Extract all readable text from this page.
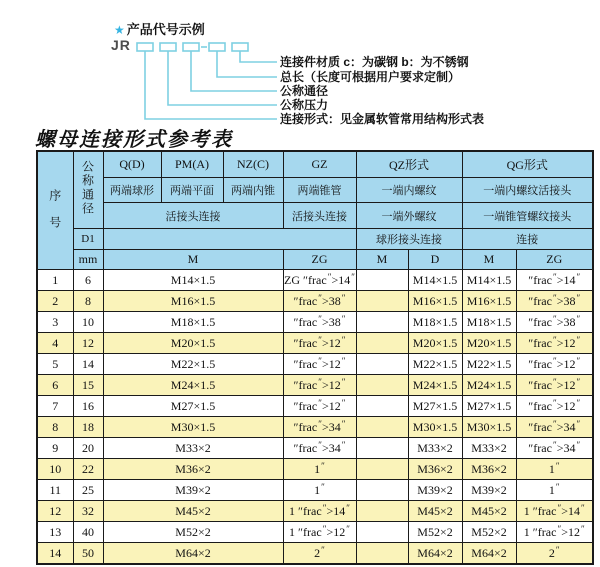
★ 产品代号示例
JR
连接件材质 c：为碳钢 b：为不锈钢
总长（长度可根据用户要求定制）
公称通径
公称压力
连接形式：见金属软管常用结构形式表
螺母连接形式参考表
序号	公称通径	Q(D)	PM(A)	NZ(C)	GZ	QZ形式		QG形式	
		两端球形	两端平面	两端内锥	两端锥管	一端内螺纹		一端内螺纹活接头	
		活接头连接			活接头连接	一端外螺纹		一端锥管螺纹接头	
	D1					球形接头连接		连接	
	mm	M			ZG	M	D	M	ZG
1	6	M14×1.5			ZG ″frac″>14″		M14×1.5	M14×1.5	″frac″>14″
2	8	M16×1.5			″frac″>38″		M16×1.5	M16×1.5	″frac″>38″
3	10	M18×1.5			″frac″>38″		M18×1.5	M18×1.5	″frac″>38″
4	12	M20×1.5			″frac″>12″		M20×1.5	M20×1.5	″frac″>12″
5	14	M22×1.5			″frac″>12″		M22×1.5	M22×1.5	″frac″>12″
6	15	M24×1.5			″frac″>12″		M24×1.5	M24×1.5	″frac″>12″
7	16	M27×1.5			″frac″>12″		M27×1.5	M27×1.5	″frac″>12″
8	18	M30×1.5			″frac″>34″		M30×1.5	M30×1.5	″frac″>34″
9	20	M33×2			″frac″>34″		M33×2	M33×2	″frac″>34″
10	22	M36×2			1″		M36×2	M36×2	1″
11	25	M39×2			1″		M39×2	M39×2	1″
12	32	M45×2			1 ″frac″>14″		M45×2	M45×2	1 ″frac″>14″
13	40	M52×2			1 ″frac″>12″		M52×2	M52×2	1 ″frac″>12″
14	50	M64×2			2″		M64×2	M64×2	2″
